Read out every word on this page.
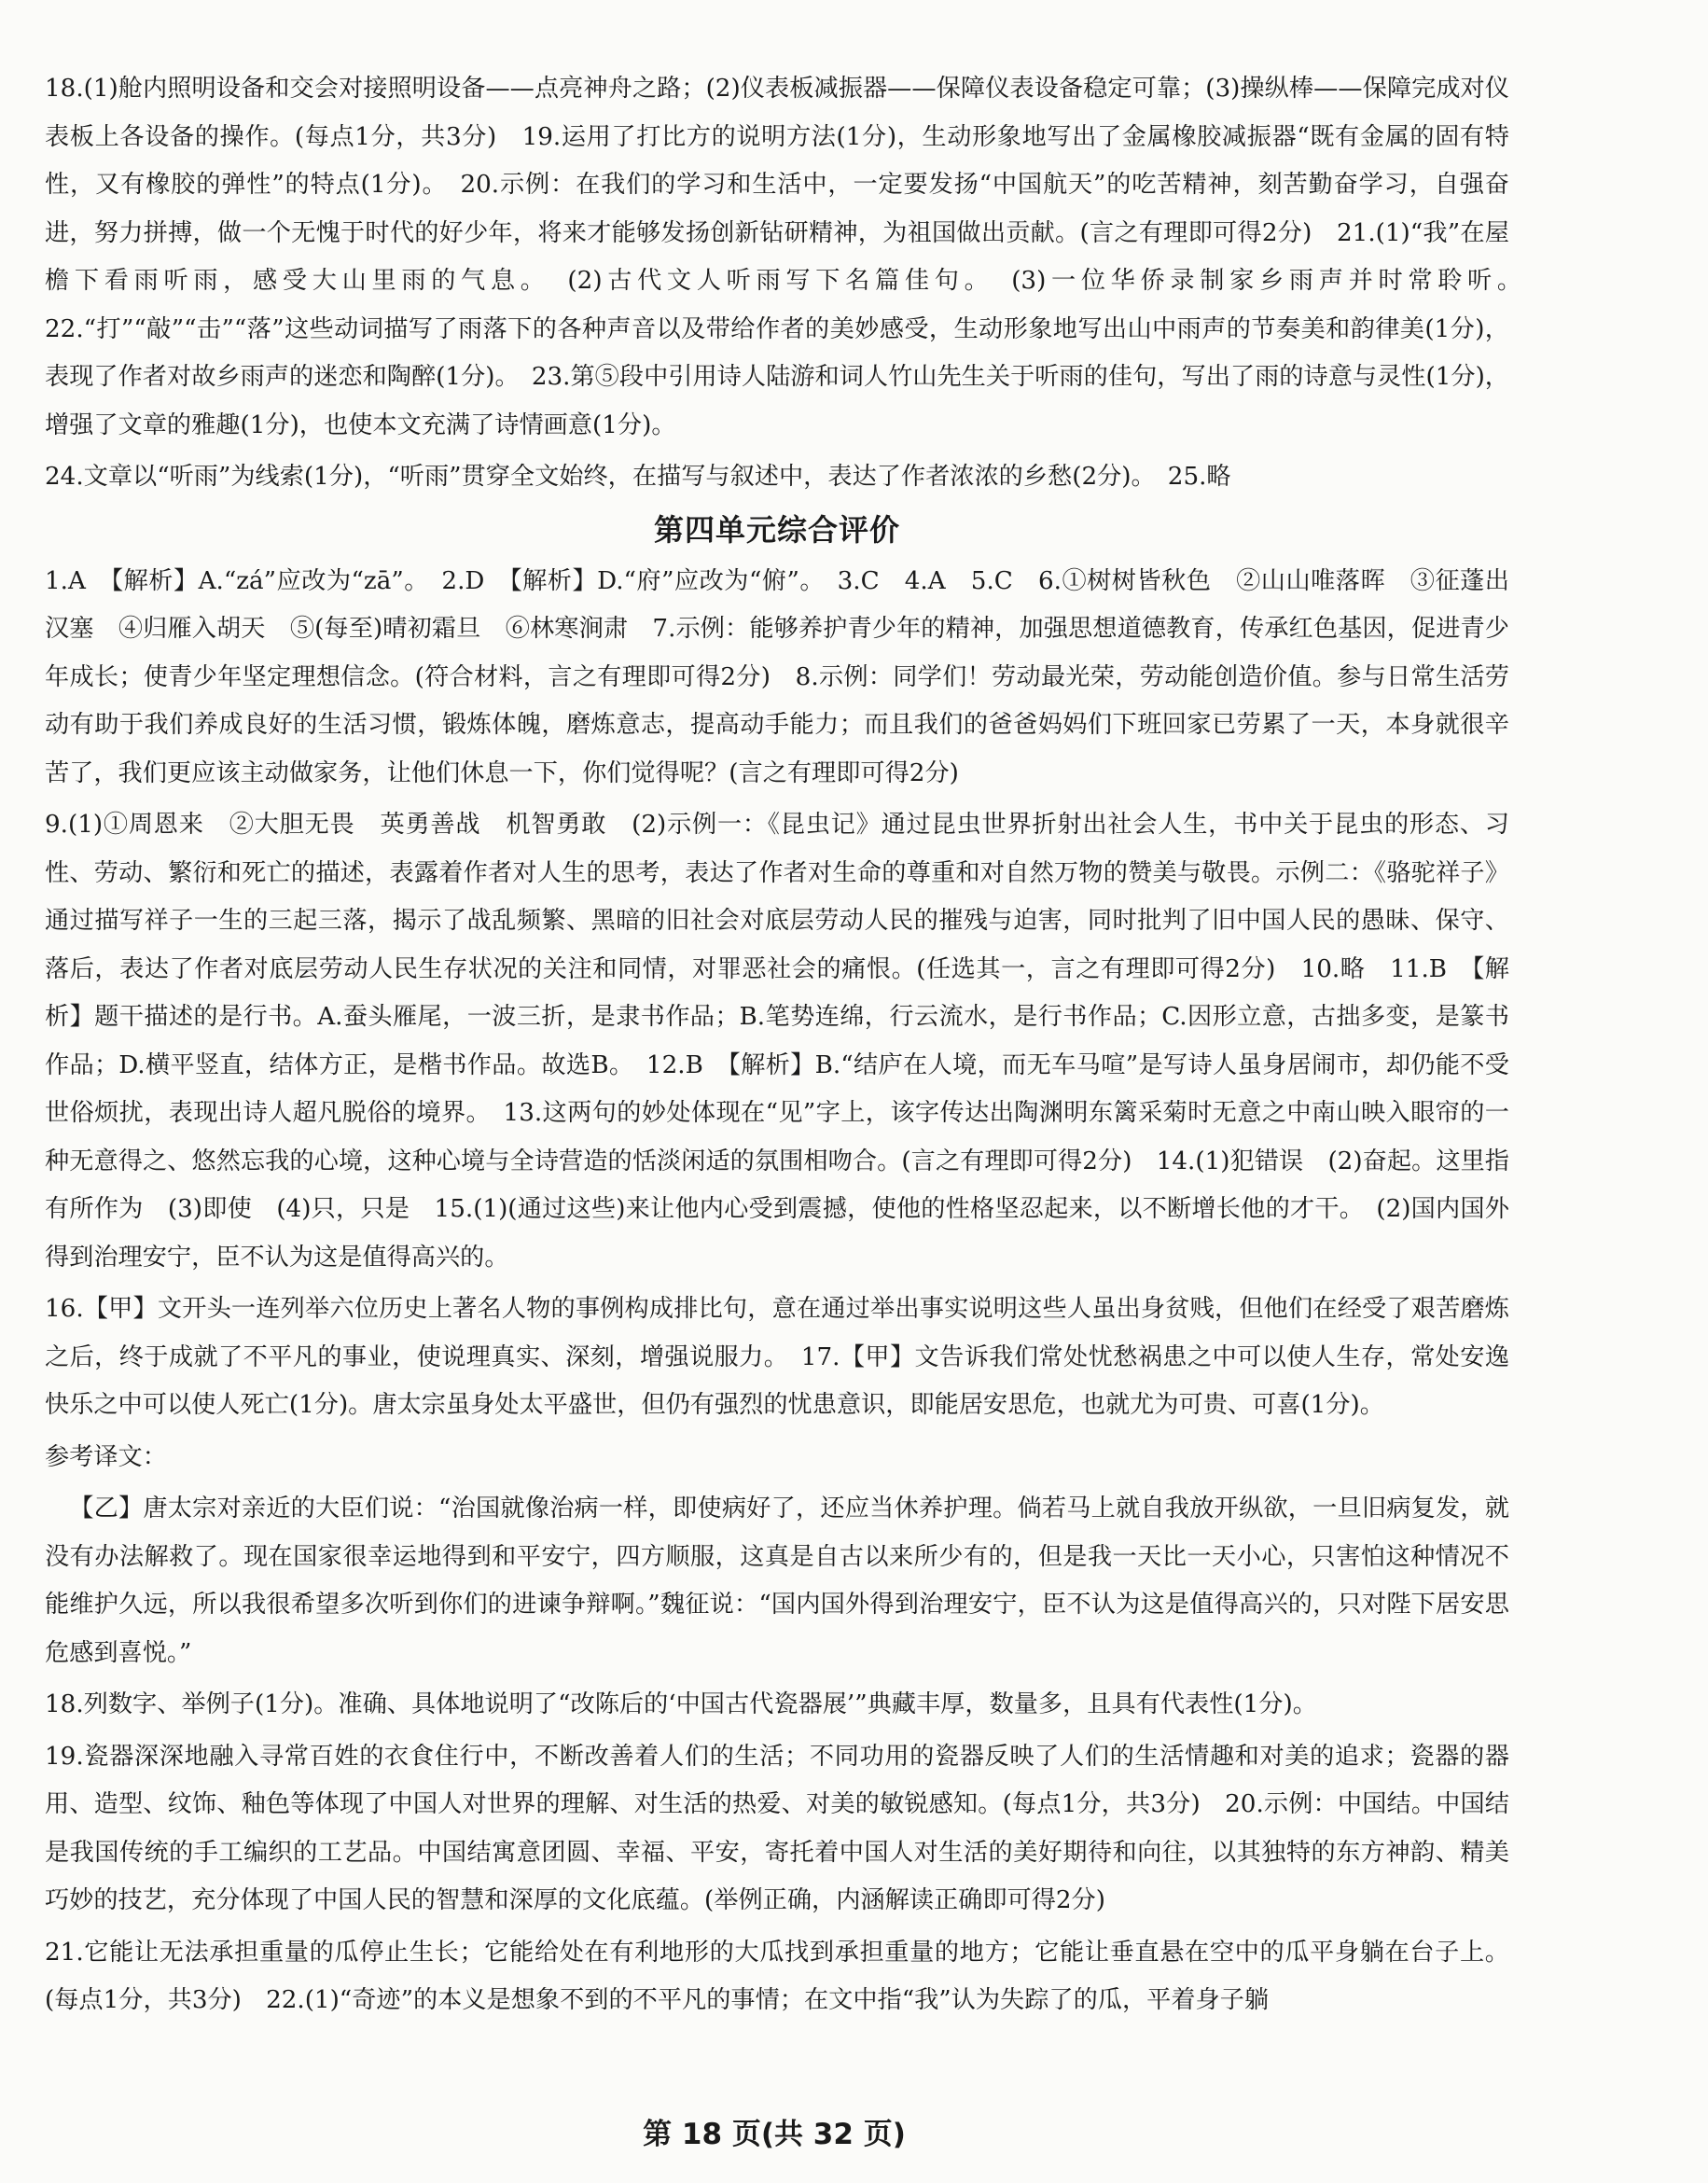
18.(1)舱内照明设备和交会对接照明设备——点亮神舟之路；(2)仪表板减振器——保障仪表设备稳定可靠；(3)操纵棒——保障完成对仪表板上各设备的操作。(每点1分，共3分)　19.运用了打比方的说明方法(1分)，生动形象地写出了金属橡胶减振器“既有金属的固有特性，又有橡胶的弹性”的特点(1分)。　20.示例：在我们的学习和生活中，一定要发扬“中国航天”的吃苦精神，刻苦勤奋学习，自强奋进，努力拼搏，做一个无愧于时代的好少年，将来才能够发扬创新钻研精神，为祖国做出贡献。(言之有理即可得2分)　21.(1)“我”在屋檐下看雨听雨，感受大山里雨的气息。　(2)古代文人听雨写下名篇佳句。　(3)一位华侨录制家乡雨声并时常聆听。　22.“打”“敲”“击”“落”这些动词描写了雨落下的各种声音以及带给作者的美妙感受，生动形象地写出山中雨声的节奏美和韵律美(1分)，表现了作者对故乡雨声的迷恋和陶醉(1分)。　23.第⑤段中引用诗人陆游和词人竹山先生关于听雨的佳句，写出了雨的诗意与灵性(1分)，增强了文章的雅趣(1分)，也使本文充满了诗情画意(1分)。

24.文章以“听雨”为线索(1分)，“听雨”贯穿全文始终，在描写与叙述中，表达了作者浓浓的乡愁(2分)。　25.略

第四单元综合评价

1.A　【解析】A.“zá”应改为“zā”。　2.D　【解析】D.“府”应改为“俯”。　3.C　4.A　5.C　6.①树树皆秋色　②山山唯落晖　③征蓬出汉塞　④归雁入胡天　⑤(每至)晴初霜旦　⑥林寒涧肃　7.示例：能够养护青少年的精神，加强思想道德教育，传承红色基因，促进青少年成长；使青少年坚定理想信念。(符合材料，言之有理即可得2分)　8.示例：同学们！劳动最光荣，劳动能创造价值。参与日常生活劳动有助于我们养成良好的生活习惯，锻炼体魄，磨炼意志，提高动手能力；而且我们的爸爸妈妈们下班回家已劳累了一天，本身就很辛苦了，我们更应该主动做家务，让他们休息一下，你们觉得呢？(言之有理即可得2分)

9.(1)①周恩来　②大胆无畏　英勇善战　机智勇敢　(2)示例一：《昆虫记》通过昆虫世界折射出社会人生，书中关于昆虫的形态、习性、劳动、繁衍和死亡的描述，表露着作者对人生的思考，表达了作者对生命的尊重和对自然万物的赞美与敬畏。示例二：《骆驼祥子》通过描写祥子一生的三起三落，揭示了战乱频繁、黑暗的旧社会对底层劳动人民的摧残与迫害，同时批判了旧中国人民的愚昧、保守、落后，表达了作者对底层劳动人民生存状况的关注和同情，对罪恶社会的痛恨。(任选其一，言之有理即可得2分)　10.略　11.B　【解析】题干描述的是行书。A.蚕头雁尾，一波三折，是隶书作品；B.笔势连绵，行云流水，是行书作品；C.因形立意，古拙多变，是篆书作品；D.横平竖直，结体方正，是楷书作品。故选B。　12.B　【解析】B.“结庐在人境，而无车马喧”是写诗人虽身居闹市，却仍能不受世俗烦扰，表现出诗人超凡脱俗的境界。　13.这两句的妙处体现在“见”字上，该字传达出陶渊明东篱采菊时无意之中南山映入眼帘的一种无意得之、悠然忘我的心境，这种心境与全诗营造的恬淡闲适的氛围相吻合。(言之有理即可得2分)　14.(1)犯错误　(2)奋起。这里指有所作为　(3)即使　(4)只，只是　15.(1)(通过这些)来让他内心受到震撼，使他的性格坚忍起来，以不断增长他的才干。　(2)国内国外得到治理安宁，臣不认为这是值得高兴的。

16.【甲】文开头一连列举六位历史上著名人物的事例构成排比句，意在通过举出事实说明这些人虽出身贫贱，但他们在经受了艰苦磨炼之后，终于成就了不平凡的事业，使说理真实、深刻，增强说服力。　17.【甲】文告诉我们常处忧愁祸患之中可以使人生存，常处安逸快乐之中可以使人死亡(1分)。唐太宗虽身处太平盛世，但仍有强烈的忧患意识，即能居安思危，也就尤为可贵、可喜(1分)。

参考译文：

【乙】唐太宗对亲近的大臣们说：“治国就像治病一样，即使病好了，还应当休养护理。倘若马上就自我放开纵欲，一旦旧病复发，就没有办法解救了。现在国家很幸运地得到和平安宁，四方顺服，这真是自古以来所少有的，但是我一天比一天小心，只害怕这种情况不能维护久远，所以我很希望多次听到你们的进谏争辩啊。”魏征说：“国内国外得到治理安宁，臣不认为这是值得高兴的，只对陛下居安思危感到喜悦。”

18.列数字、举例子(1分)。准确、具体地说明了“改陈后的‘中国古代瓷器展’”典藏丰厚，数量多，且具有代表性(1分)。

19.瓷器深深地融入寻常百姓的衣食住行中，不断改善着人们的生活；不同功用的瓷器反映了人们的生活情趣和对美的追求；瓷器的器用、造型、纹饰、釉色等体现了中国人对世界的理解、对生活的热爱、对美的敏锐感知。(每点1分，共3分)　20.示例：中国结。中国结是我国传统的手工编织的工艺品。中国结寓意团圆、幸福、平安，寄托着中国人对生活的美好期待和向往，以其独特的东方神韵、精美巧妙的技艺，充分体现了中国人民的智慧和深厚的文化底蕴。(举例正确，内涵解读正确即可得2分)

21.它能让无法承担重量的瓜停止生长；它能给处在有利地形的大瓜找到承担重量的地方；它能让垂直悬在空中的瓜平身躺在台子上。(每点1分，共3分)　22.(1)“奇迹”的本义是想象不到的不平凡的事情；在文中指“我”认为失踪了的瓜，平着身子躺

第 18 页(共 32 页)
